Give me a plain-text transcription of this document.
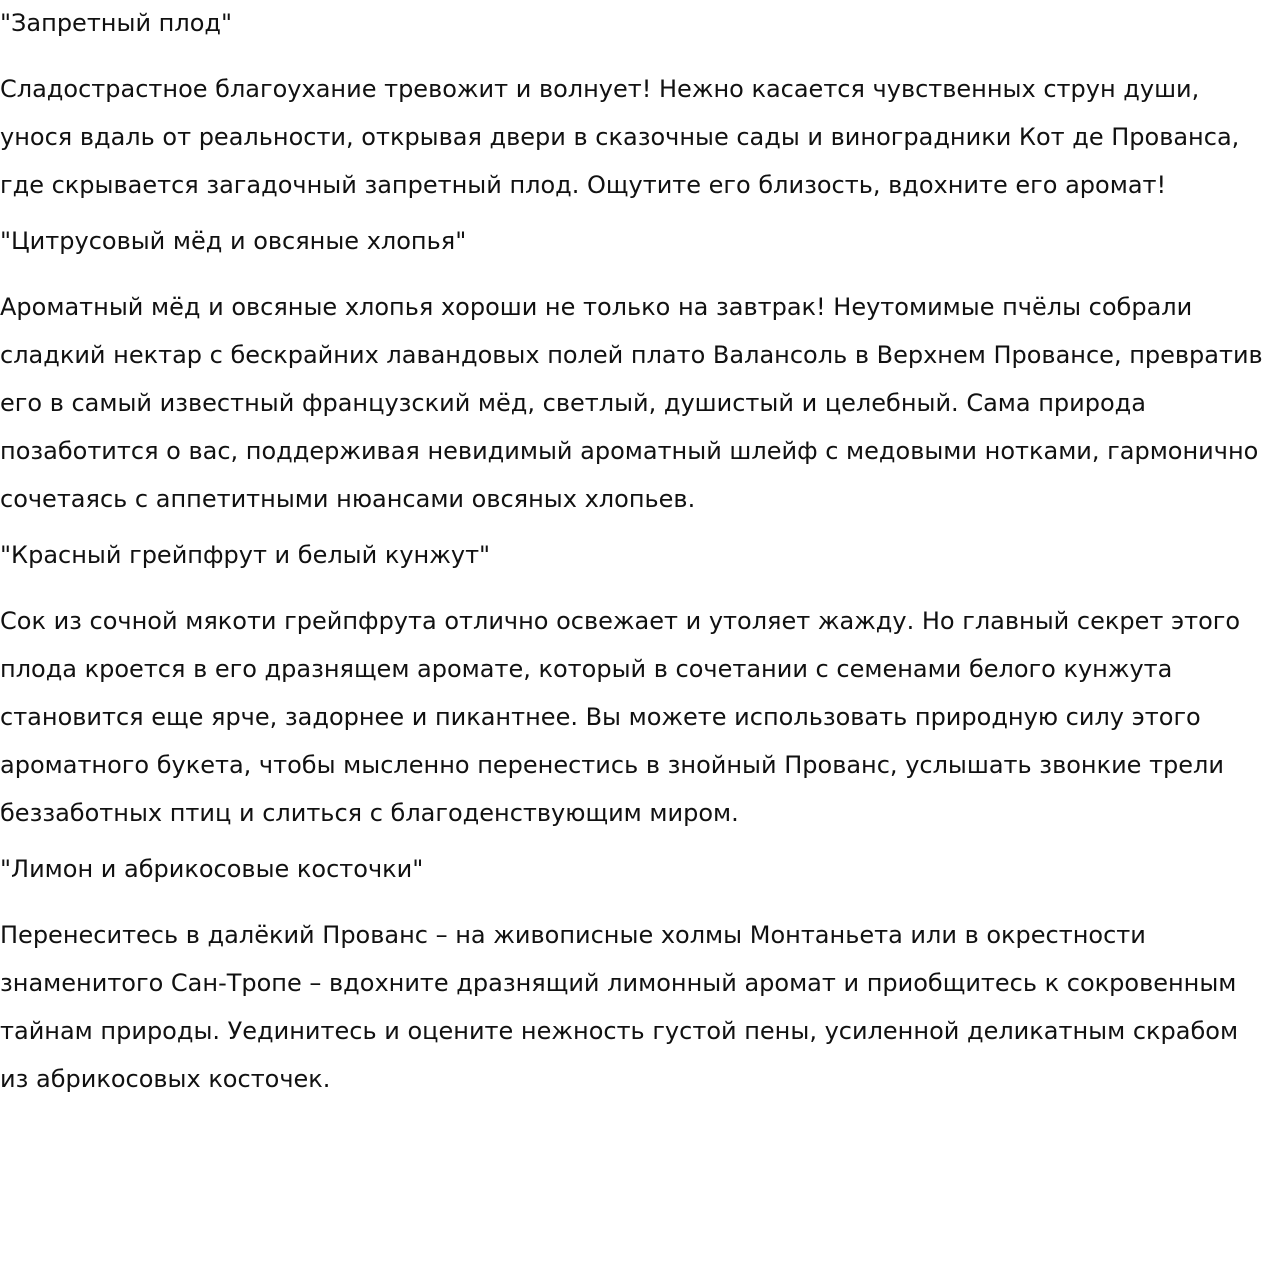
"Запретный плод"

Сладострастное благоухание тревожит и волнует! Нежно касается чувственных струн души, унося вдаль от реальности, открывая двери в сказочные сады и виноградники Кот де Прованса, где скрывается загадочный запретный плод. Ощутите его близость, вдохните его аромат!

"Цитрусовый мёд и овсяные хлопья"

Ароматный мёд и овсяные хлопья хороши не только на завтрак! Неутомимые пчёлы собрали сладкий нектар с бескрайних лавандовых полей плато Валансоль в Верхнем Провансе, превратив его в самый известный французский мёд, светлый, душистый и целебный. Сама природа позаботится о вас, поддерживая невидимый ароматный шлейф с медовыми нотками, гармонично сочетаясь с аппетитными нюансами овсяных хлопьев.

"Красный грейпфрут и белый кунжут"

Сок из сочной мякоти грейпфрута отлично освежает и утоляет жажду. Но главный секрет этого плода кроется в его дразнящем аромате, который в сочетании с семенами белого кунжута становится еще ярче, задорнее и пикантнее. Вы можете использовать природную силу этого ароматного букета, чтобы мысленно перенестись в знойный Прованс, услышать звонкие трели беззаботных птиц и слиться с благоденствующим миром.

"Лимон и абрикосовые косточки"

Перенеситесь в далёкий Прованс – на живописные холмы Монтаньета или в окрестности знаменитого Сан-Тропе – вдохните дразнящий лимонный аромат и приобщитесь к сокровенным тайнам природы. Уединитесь и оцените нежность густой пены, усиленной деликатным скрабом из абрикосовых косточек.
